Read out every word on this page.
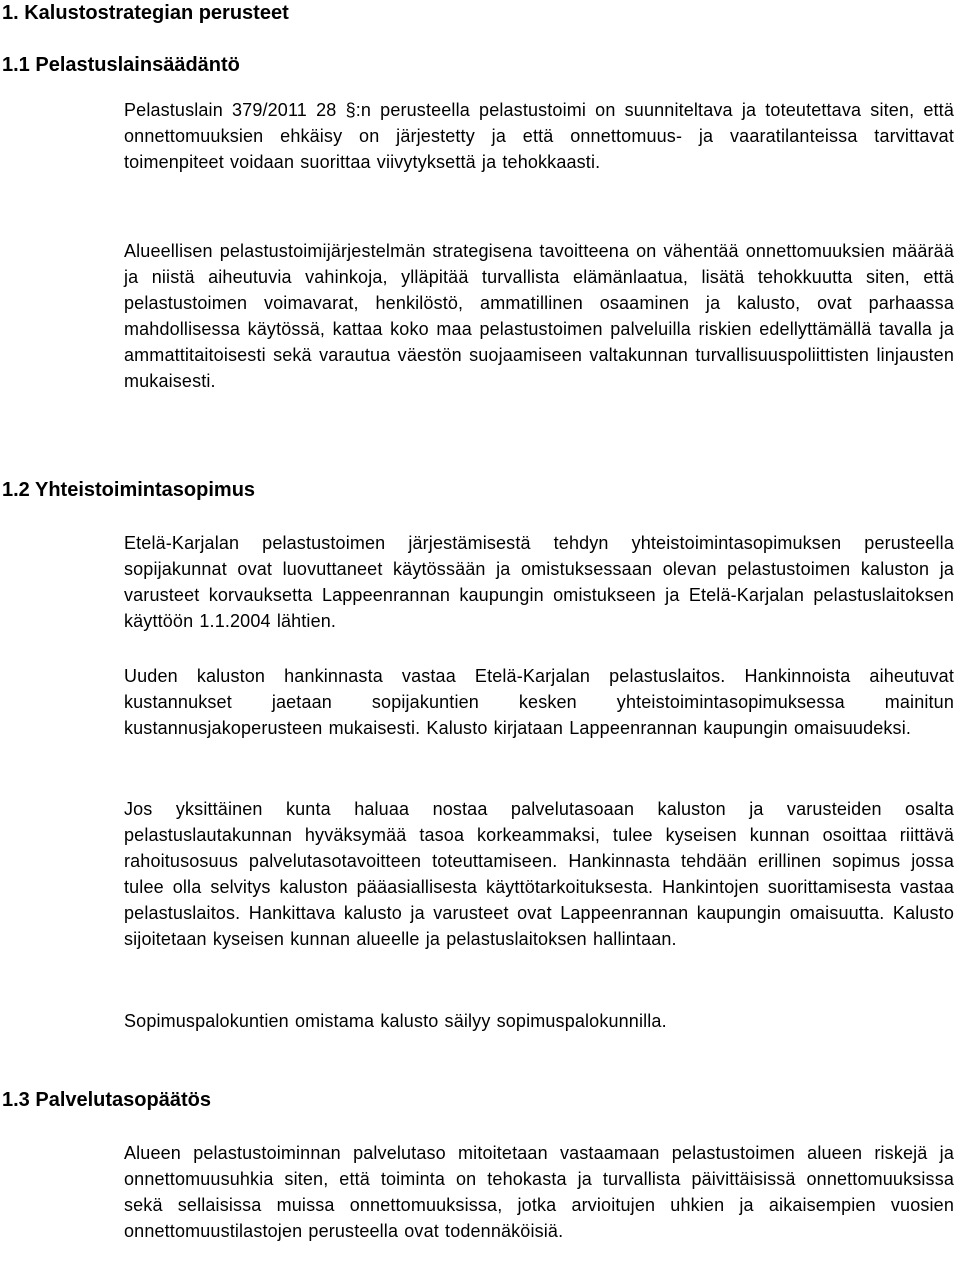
1. Kalustostrategian perusteet
1.1 Pelastuslainsäädäntö

Pelastuslain 379/2011 28 §:n perusteella pelastustoimi on suunniteltava ja toteutettava siten, että onnettomuuksien ehkäisy on järjestetty ja että onnettomuus- ja vaaratilanteissa tarvittavat toimenpiteet voidaan suorittaa viivytyksettä ja tehokkaasti.

Alueellisen pelastustoimijärjestelmän strategisena tavoitteena on vähentää onnettomuuksien määrää ja niistä aiheutuvia vahinkoja, ylläpitää turvallista elämänlaatua, lisätä tehokkuutta siten, että pelastustoimen voimavarat, henkilöstö, ammatillinen osaaminen ja kalusto, ovat parhaassa mahdollisessa käytössä, kattaa koko maa pelastustoimen palveluilla riskien edellyttämällä tavalla ja ammattitaitoisesti sekä varautua väestön suojaamiseen valtakunnan turvallisuuspoliittisten linjausten mukaisesti.

1.2 Yhteistoimintasopimus

Etelä-Karjalan pelastustoimen järjestämisestä tehdyn yhteistoimintasopimuksen perusteella sopijakunnat ovat luovuttaneet käytössään ja omistuksessaan olevan pelastustoimen kaluston ja varusteet korvauksetta Lappeenrannan kaupungin omistukseen ja Etelä-Karjalan pelastuslaitoksen käyttöön 1.1.2004 lähtien.

Uuden kaluston hankinnasta vastaa Etelä-Karjalan pelastuslaitos. Hankinnoista aiheutuvat kustannukset jaetaan sopijakuntien kesken yhteistoimintasopimuksessa mainitun kustannusjakoperusteen mukaisesti. Kalusto kirjataan Lappeenrannan kaupungin omaisuudeksi.

Jos yksittäinen kunta haluaa nostaa palvelutasoaan kaluston ja varusteiden osalta pelastuslautakunnan hyväksymää tasoa korkeammaksi, tulee kyseisen kunnan osoittaa riittävä rahoitusosuus palvelutasotavoitteen toteuttamiseen. Hankinnasta tehdään erillinen sopimus jossa tulee olla selvitys kaluston pääasiallisesta käyttötarkoituksesta. Hankintojen suorittamisesta vastaa pelastuslaitos. Hankittava kalusto ja varusteet ovat Lappeenrannan kaupungin omaisuutta. Kalusto sijoitetaan kyseisen kunnan alueelle ja pelastuslaitoksen hallintaan.

Sopimuspalokuntien omistama kalusto säilyy sopimuspalokunnilla.

1.3 Palvelutasopäätös

Alueen pelastustoiminnan palvelutaso mitoitetaan vastaamaan pelastustoimen alueen riskejä ja onnettomuusuhkia siten, että toiminta on tehokasta ja turvallista päivittäisissä onnettomuuksissa sekä sellaisissa muissa onnettomuuksissa, jotka arvioitujen uhkien ja aikaisempien vuosien onnettomuustilastojen perusteella ovat todennäköisiä.
